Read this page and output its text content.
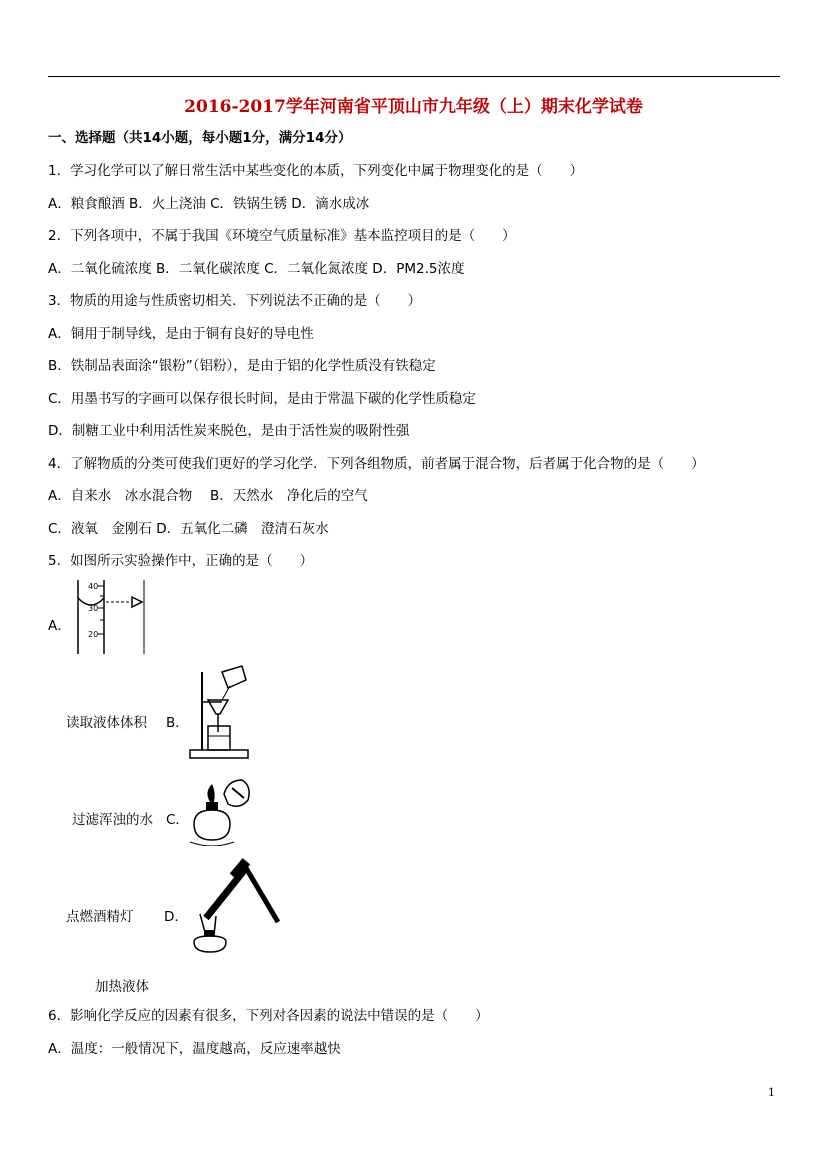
2016-2017学年河南省平顶山市九年级（上）期末化学试卷
一、选择题（共14小题，每小题1分，满分14分）
1．学习化学可以了解日常生活中某些变化的本质，下列变化中属于物理变化的是（　　）
A．粮食酿酒 B．火上浇油 C．铁锅生锈 D．滴水成冰
2．下列各项中，不属于我国《环境空气质量标准》基本监控项目的是（　　）
A．二氧化硫浓度 B．二氧化碳浓度 C．二氧化氮浓度 D．PM2.5浓度
3．物质的用途与性质密切相关．下列说法不正确的是（　　）
A．铜用于制导线，是由于铜有良好的导电性
B．铁制品表面涂“银粉”（铝粉），是由于铝的化学性质没有铁稳定
C．用墨书写的字画可以保存很长时间，是由于常温下碳的化学性质稳定
D．制糖工业中利用活性炭来脱色，是由于活性炭的吸附性强
4．了解物质的分类可使我们更好的学习化学．下列各组物质，前者属于混合物，后者属于化合物的是（　　）
A．自来水　冰水混合物　 B．天然水　净化后的空气
C．液氧　金刚石 D．五氧化二磷　澄清石灰水
5．如图所示实验操作中，正确的是（　　）
A．
40
30
20
读取液体体积 B．
过滤浑浊的水 C．
点燃酒精灯 D．
加热液体
6．影响化学反应的因素有很多，下列对各因素的说法中错误的是（　　）
A．温度：一般情况下，温度越高，反应速率越快
1
